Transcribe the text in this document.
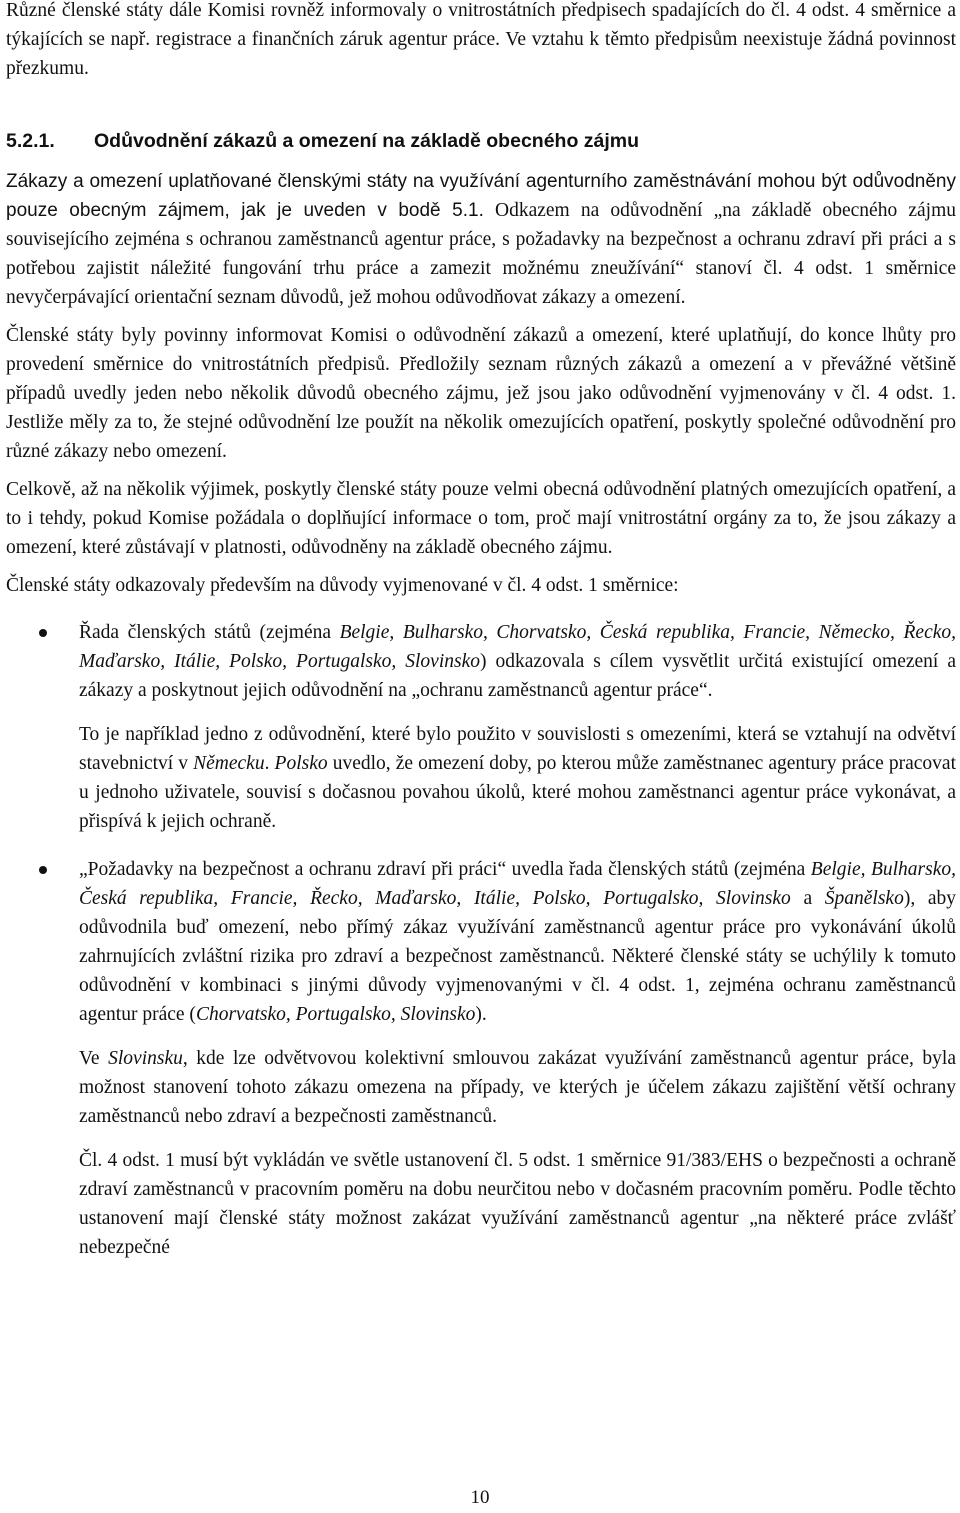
Různé členské státy dále Komisi rovněž informovaly o vnitrostátních předpisech spadajících do čl. 4 odst. 4 směrnice a týkajících se např. registrace a finančních záruk agentur práce. Ve vztahu k těmto předpisům neexistuje žádná povinnost přezkumu.

5.2.1. Odůvodnění zákazů a omezení na základě obecného zájmu

Zákazy a omezení uplatňované členskými státy na využívání agenturního zaměstnávání mohou být odůvodněny pouze obecným zájmem, jak je uveden v bodě 5.1. Odkazem na odůvodnění „na základě obecného zájmu souvisejícího zejména s ochranou zaměstnanců agentur práce, s požadavky na bezpečnost a ochranu zdraví při práci a s potřebou zajistit náležité fungování trhu práce a zamezit možnému zneužívání“ stanoví čl. 4 odst. 1 směrnice nevyčerpávající orientační seznam důvodů, jež mohou odůvodňovat zákazy a omezení.

Členské státy byly povinny informovat Komisi o odůvodnění zákazů a omezení, které uplatňují, do konce lhůty pro provedení směrnice do vnitrostátních předpisů. Předložily seznam různých zákazů a omezení a v převážné většině případů uvedly jeden nebo několik důvodů obecného zájmu, jež jsou jako odůvodnění vyjmenovány v čl. 4 odst. 1. Jestliže měly za to, že stejné odůvodnění lze použít na několik omezujících opatření, poskytly společné odůvodnění pro různé zákazy nebo omezení.

Celkově, až na několik výjimek, poskytly členské státy pouze velmi obecná odůvodnění platných omezujících opatření, a to i tehdy, pokud Komise požádala o doplňující informace o tom, proč mají vnitrostátní orgány za to, že jsou zákazy a omezení, které zůstávají v platnosti, odůvodněny na základě obecného zájmu.

Členské státy odkazovaly především na důvody vyjmenované v čl. 4 odst. 1 směrnice:

Řada členských států (zejména Belgie, Bulharsko, Chorvatsko, Česká republika, Francie, Německo, Řecko, Maďarsko, Itálie, Polsko, Portugalsko, Slovinsko) odkazovala s cílem vysvětlit určitá existující omezení a zákazy a poskytnout jejich odůvodnění na „ochranu zaměstnanců agentur práce“.

To je například jedno z odůvodnění, které bylo použito v souvislosti s omezeními, která se vztahují na odvětví stavebnictví v Německu. Polsko uvedlo, že omezení doby, po kterou může zaměstnanec agentury práce pracovat u jednoho uživatele, souvisí s dočasnou povahou úkolů, které mohou zaměstnanci agentur práce vykonávat, a přispívá k jejich ochraně.

„Požadavky na bezpečnost a ochranu zdraví při práci“ uvedla řada členských států (zejména Belgie, Bulharsko, Česká republika, Francie, Řecko, Maďarsko, Itálie, Polsko, Portugalsko, Slovinsko a Španělsko), aby odůvodnila buď omezení, nebo přímý zákaz využívání zaměstnanců agentur práce pro vykonávání úkolů zahrnujících zvláštní rizika pro zdraví a bezpečnost zaměstnanců. Některé členské státy se uchýlily k tomuto odůvodnění v kombinaci s jinými důvody vyjmenovanými v čl. 4 odst. 1, zejména ochranu zaměstnanců agentur práce (Chorvatsko, Portugalsko, Slovinsko).

Ve Slovinsku, kde lze odvětvovou kolektivní smlouvou zakázat využívání zaměstnanců agentur práce, byla možnost stanovení tohoto zákazu omezena na případy, ve kterých je účelem zákazu zajištění větší ochrany zaměstnanců nebo zdraví a bezpečnosti zaměstnanců.

Čl. 4 odst. 1 musí být vykládán ve světle ustanovení čl. 5 odst. 1 směrnice 91/383/EHS o bezpečnosti a ochraně zdraví zaměstnanců v pracovním poměru na dobu neurčitou nebo v dočasném pracovním poměru. Podle těchto ustanovení mají členské státy možnost zakázat využívání zaměstnanců agentur „na některé práce zvlášť nebezpečné

10
